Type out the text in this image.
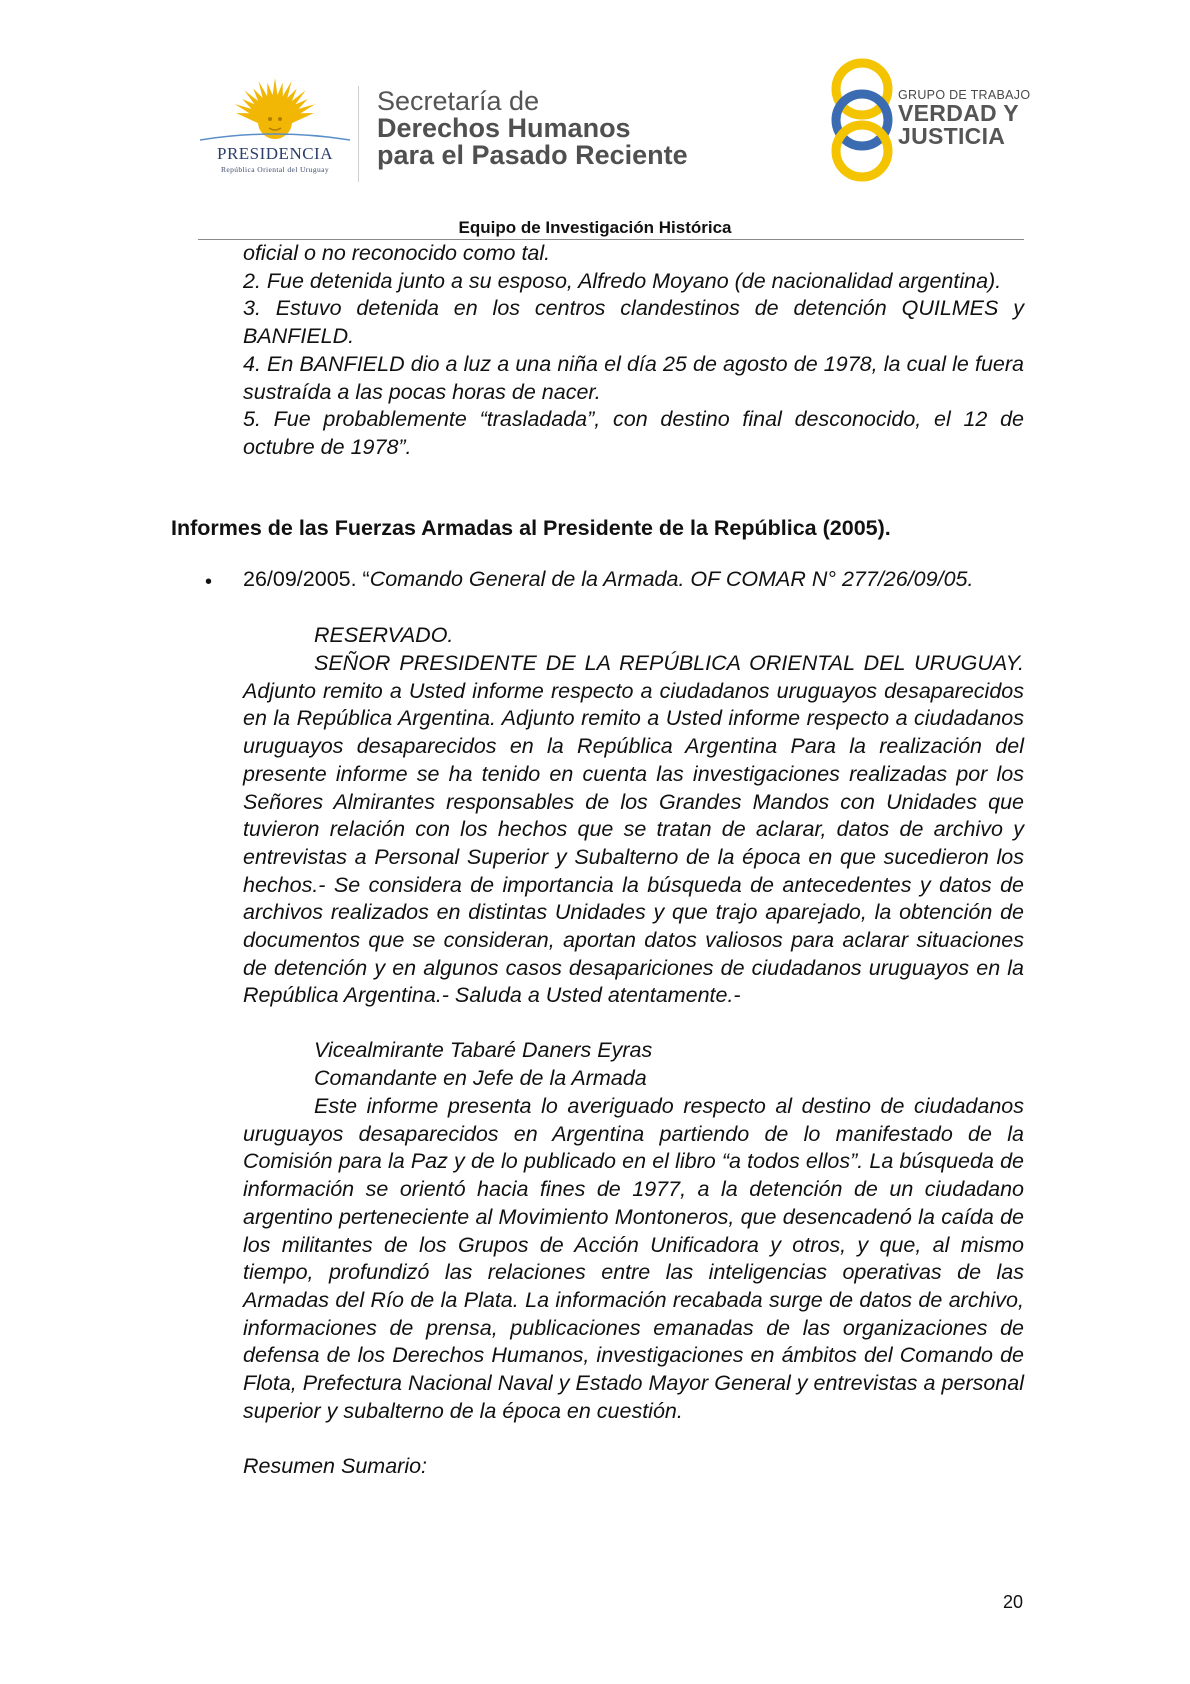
PRESIDENCIA
República Oriental del Uruguay
Secretaría de
Derechos Humanos
para el Pasado Reciente
GRUPO DE TRABAJO
VERDAD Y
JUSTICIA
Equipo de Investigación Histórica
oficial o no reconocido como tal.
2. Fue detenida junto a su esposo, Alfredo Moyano (de nacionalidad argentina).
3. Estuvo detenida en los centros clandestinos de detención QUILMES y BANFIELD.
4. En BANFIELD dio a luz a una niña el día 25 de agosto de 1978, la cual le fuera sustraída a las pocas horas de nacer.
5. Fue probablemente “trasladada”, con destino final desconocido, el 12 de octubre de 1978”.
Informes de las Fuerzas Armadas al Presidente de la República (2005).
• 26/09/2005. “Comando General de la Armada. OF COMAR N° 277/26/09/05.
RESERVADO.
SEÑOR PRESIDENTE DE LA REPÚBLICA ORIENTAL DEL URUGUAY. Adjunto remito a Usted informe respecto a ciudadanos uruguayos desaparecidos en la República Argentina. Adjunto remito a Usted informe respecto a ciudadanos uruguayos desaparecidos en la República Argentina Para la realización del presente informe se ha tenido en cuenta las investigaciones realizadas por los Señores Almirantes responsables de los Grandes Mandos con Unidades que tuvieron relación con los hechos que se tratan de aclarar, datos de archivo y entrevistas a Personal Superior y Subalterno de la época en que sucedieron los hechos.- Se considera de importancia la búsqueda de antecedentes y datos de archivos realizados en distintas Unidades y que trajo aparejado, la obtención de documentos que se consideran, aportan datos valiosos para aclarar situaciones de detención y en algunos casos desapariciones de ciudadanos uruguayos en la República Argentina.- Saluda a Usted atentamente.-
Vicealmirante Tabaré Daners Eyras
Comandante en Jefe de la Armada
Este informe presenta lo averiguado respecto al destino de ciudadanos uruguayos desaparecidos en Argentina partiendo de lo manifestado de la Comisión para la Paz y de lo publicado en el libro “a todos ellos”. La búsqueda de información se orientó hacia fines de 1977, a la detención de un ciudadano argentino perteneciente al Movimiento Montoneros, que desencadenó la caída de los militantes de los Grupos de Acción Unificadora y otros, y que, al mismo tiempo, profundizó las relaciones entre las inteligencias operativas de las Armadas del Río de la Plata. La información recabada surge de datos de archivo, informaciones de prensa, publicaciones emanadas de las organizaciones de defensa de los Derechos Humanos, investigaciones en ámbitos del Comando de Flota, Prefectura Nacional Naval y Estado Mayor General y entrevistas a personal superior y subalterno de la época en cuestión.
Resumen Sumario:
20
